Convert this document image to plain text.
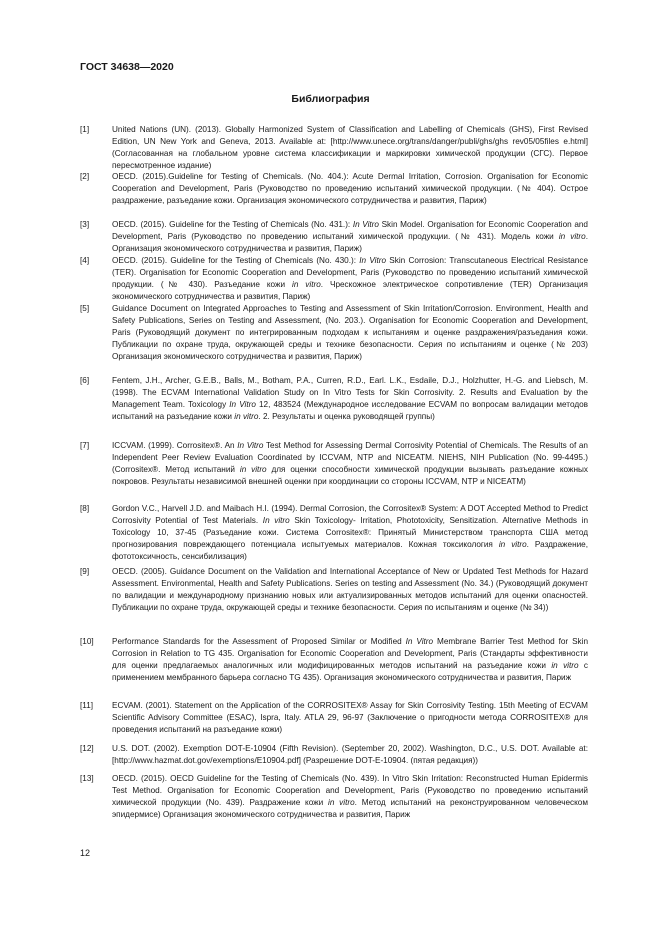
ГОСТ 34638—2020
Библиография
[1]	United Nations (UN). (2013). Globally Harmonized System of Classification and Labelling of Chemicals (GHS), First Revised Edition, UN New York and Geneva, 2013. Available at: [http://www.unece.org/trans/danger/publi/ghs/ghs rev05/05files e.html] (Согласованная на глобальном уровне система классификации и маркировки химической продукции (СГС). Первое пересмотренное издание)
[2]	OECD. (2015).Guideline for Testing of Chemicals. (No. 404.): Acute Dermal Irritation, Corrosion. Organisation for Economic Cooperation and Development, Paris (Руководство по проведению испытаний химической продукции. (№ 404). Острое раздражение, разъедание кожи. Организация экономического сотрудничества и развития, Париж)
[3]	OECD. (2015). Guideline for the Testing of Chemicals (No. 431.): In Vitro Skin Model. Organisation for Economic Cooperation and Development, Paris (Руководство по проведению испытаний химической продукции. (№ 431). Модель кожи in vitro. Организация экономического сотрудничества и развития, Париж)
[4]	OECD. (2015). Guideline for the Testing of Chemicals (No. 430.): In Vitro Skin Corrosion: Transcutaneous Electrical Resistance (TER). Organisation for Economic Cooperation and Development, Paris (Руководство по проведению испытаний химической продукции. (№ 430). Разъедание кожи in vitro. Чрескожное электрическое сопротивление (TER) Организация экономического сотрудничества и развития, Париж)
[5]	Guidance Document on Integrated Approaches to Testing and Assessment of Skin Irritation/Corrosion. Environment, Health and Safety Publications, Series on Testing and Assessment, (No. 203.). Organisation for Economic Cooperation and Development, Paris (Руководящий документ по интегрированным подходам к испытаниям и оценке раздражения/разъедания кожи. Публикации по охране труда, окружающей среды и технике безопасности. Серия по испытаниям и оценке (№ 203) Организация экономического сотрудничества и развития, Париж)
[6]	Fentem, J.H., Archer, G.E.B., Balls, M., Botham, P.A., Curren, R.D., Earl. L.K., Esdaile, D.J., Holzhutter, H.-G. and Liebsch, M. (1998). The ECVAM International Validation Study on In Vitro Tests for Skin Corrosivity. 2. Results and Evaluation by the Management Team. Toxicology In Vitro 12, 483524 (Международное исследование ECVAM по вопросам валидации методов испытаний на разъедание кожи in vitro. 2. Результаты и оценка руководящей группы)
[7]	ICCVAM. (1999). Corrositex®. An In Vitro Test Method for Assessing Dermal Corrosivity Potential of Chemicals. The Results of an Independent Peer Review Evaluation Coordinated by ICCVAM, NTP and NICEATM. NIEHS, NIH Publication (No. 99-4495.) (Corrositex®. Метод испытаний in vitro для оценки способности химической продукции вызывать разъедание кожных покровов. Результаты независимой внешней оценки при координации со стороны ICCVAM, NTP и NICEATM)
[8]	Gordon V.C., Harvell J.D. and Maibach H.I. (1994). Dermal Corrosion, the Corrositex® System: A DOT Accepted Method to Predict Corrosivity Potential of Test Materials. In vitro Skin Toxicology- Irritation, Phototoxicity, Sensitization. Alternative Methods in Toxicology 10, 37-45 (Разъедание кожи. Система Corrositex®: Принятый Министерством транспорта США метод прогнозирования повреждающего потенциала испытуемых материалов. Кожная токсикология in vitro. Раздражение, фототоксичность, сенсибилизация)
[9]	OECD. (2005). Guidance Document on the Validation and International Acceptance of New or Updated Test Methods for Hazard Assessment. Environmental, Health and Safety Publications. Series on testing and Assessment (No. 34.) (Руководящий документ по валидации и международному признанию новых или актуализированных методов испытаний для оценки опасностей. Публикации по охране труда, окружающей среды и технике безопасности. Серия по испытаниям и оценке (№ 34))
[10] Performance Standards for the Assessment of Proposed Similar or Modified In Vitro Membrane Barrier Test Method for Skin Corrosion in Relation to TG 435. Organisation for Economic Cooperation and Development, Paris (Стандарты эффективности для оценки предлагаемых аналогичных или модифицированных методов испытаний на разъедание кожи in vitro с применением мембранного барьера согласно TG 435). Организация экономического сотрудничества и развития, Париж
[11] ECVAM. (2001). Statement on the Application of the CORROSITEX® Assay for Skin Corrosivity Testing. 15th Meeting of ECVAM Scientific Advisory Committee (ESAC), Ispra, Italy. ATLA 29, 96-97 (Заключение о пригодности метода CORROSITEX® для проведения испытаний на разъедание кожи)
[12] U.S. DOT. (2002). Exemption DOT-E-10904 (Fifth Revision). (September 20, 2002). Washington, D.C., U.S. DOT. Available at: [http://www.hazmat.dot.gov/exemptions/E10904.pdf] (Разрешение DOT-E-10904. (пятая редакция))
[13] OECD. (2015). OECD Guideline for the Testing of Chemicals (No. 439). In Vitro Skin Irritation: Reconstructed Human Epidermis Test Method. Organisation for Economic Cooperation and Development, Paris (Руководство по проведению испытаний химической продукции (No. 439). Раздражение кожи in vitro. Метод испытаний на реконструированном человеческом эпидермисе) Организация экономического сотрудничества и развития, Париж
12
